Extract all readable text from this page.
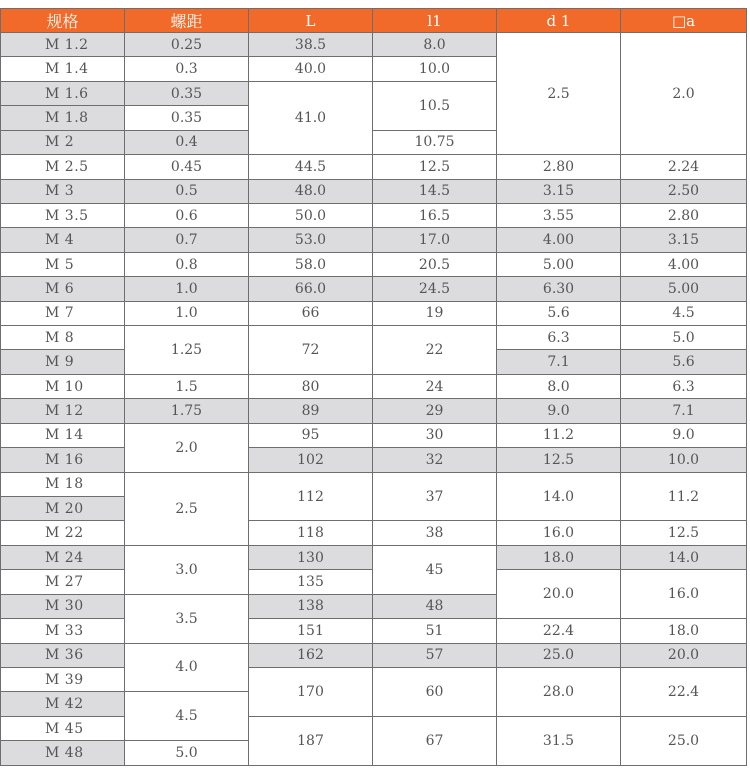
规格	螺距	L	l1	d 1	□a
M 1.2	0.25	38.5	8.0	2.5	2.0
M 1.4	0.3	40.0	10.0		
M 1.6	0.35	41.0	10.5		
M 1.8	0.35				
M 2	0.4		10.75		
M 2.5	0.45	44.5	12.5	2.80	2.24
M 3	0.5	48.0	14.5	3.15	2.50
M 3.5	0.6	50.0	16.5	3.55	2.80
M 4	0.7	53.0	17.0	4.00	3.15
M 5	0.8	58.0	20.5	5.00	4.00
M 6	1.0	66.0	24.5	6.30	5.00
M 7	1.0	66	19	5.6	4.5
M 8	1.25	72	22	6.3	5.0
M 9				7.1	5.6
M 10	1.5	80	24	8.0	6.3
M 12	1.75	89	29	9.0	7.1
M 14	2.0	95	30	11.2	9.0
M 16		102	32	12.5	10.0
M 18	2.5	112	37	14.0	11.2
M 20					
M 22		118	38	16.0	12.5
M 24	3.0	130	45	18.0	14.0
M 27		135		20.0	16.0
M 30	3.5	138	48		
M 33		151	51	22.4	18.0
M 36	4.0	162	57	25.0	20.0
M 39		170	60	28.0	22.4
M 42	4.5				
M 45		187	67	31.5	25.0
M 48	5.0				
